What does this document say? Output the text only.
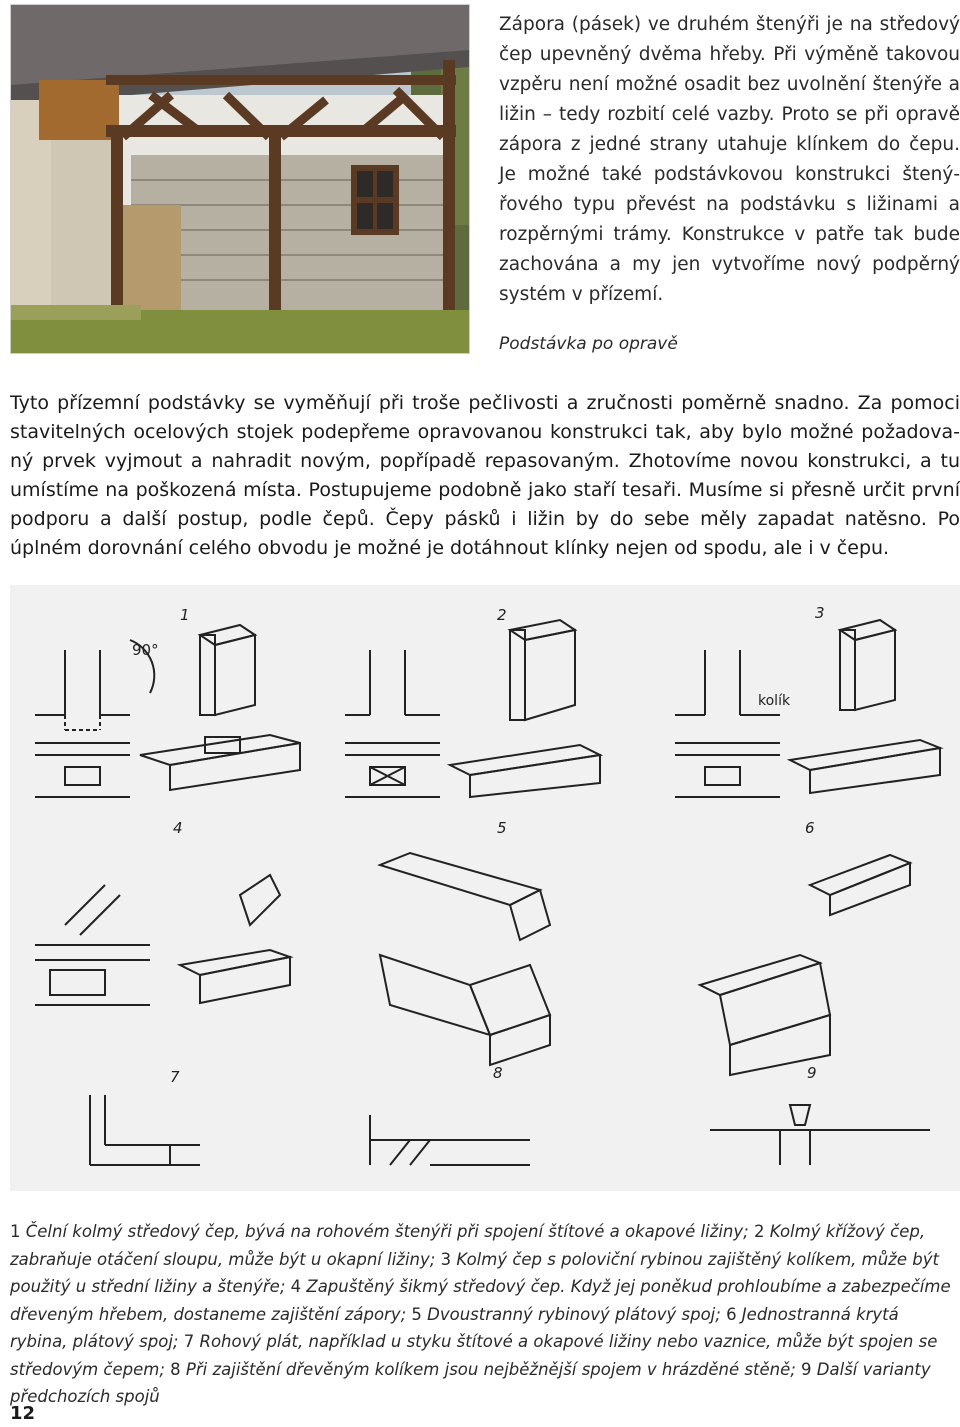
Zápora (pásek) ve druhém štenýři je na středový čep upevněný dvěma hřeby. Při výměně takovou vzpěru není možné osadit bez uvolnění štenýře a ližin – tedy rozbití celé vazby. Proto se při opravě zápora z jedné strany utahuje klínkem do čepu. Je možné také podstávkovou konstrukci štenýřového typu převést na podstávku s ližinami a rozpěrnými trámy. Konstrukce v patře tak bude zachována a my jen vytvoříme nový podpěrný systém v přízemí.

Podstávka po opravě

Tyto přízemní podstávky se vyměňují při troše pečlivosti a zručnosti poměrně snadno. Za pomoci stavitelných ocelových stojek podepřeme opravovanou konstrukci tak, aby bylo možné požadovaný prvek vyjmout a nahradit novým, popřípadě repasovaným. Zhotovíme novou konstrukci, a tu umístíme na poškozená místa. Postupujeme podobně jako staří tesaři. Musíme si přesně určit první podporu a další postup, podle čepů. Čepy pásků i ližin by do sebe měly zapadat natěsno. Po úplném dorovnání celého obvodu je možné je dotáhnout klínky nejen od spodu, ale i v čepu.

1	2	3
4	5	6
7	8	9
90°
kolík

1 Čelní kolmý středový čep, bývá na rohovém štenýři při spojení štítové a okapové ližiny; 2 Kolmý křížový čep, zabraňuje otáčení sloupu, může být u okapní ližiny; 3 Kolmý čep s poloviční rybinou zajištěný kolíkem, může být použitý u střední ližiny a štenýře; 4 Zapuštěný šikmý středový čep. Když jej poněkud prohloubíme a zabezpečíme dřeveným hřebem, dostaneme zajištění zápory; 5 Dvoustranný rybinový plátový spoj; 6 Jednostranná krytá rybina, plátový spoj; 7 Rohový plát, například u styku štítové a okapové ližiny nebo vaznice, může být spojen se středovým čepem; 8 Při zajištění dřevěným kolíkem jsou nejběžnější spojem v hrázděné stěně; 9 Další varianty předchozích spojů

12
